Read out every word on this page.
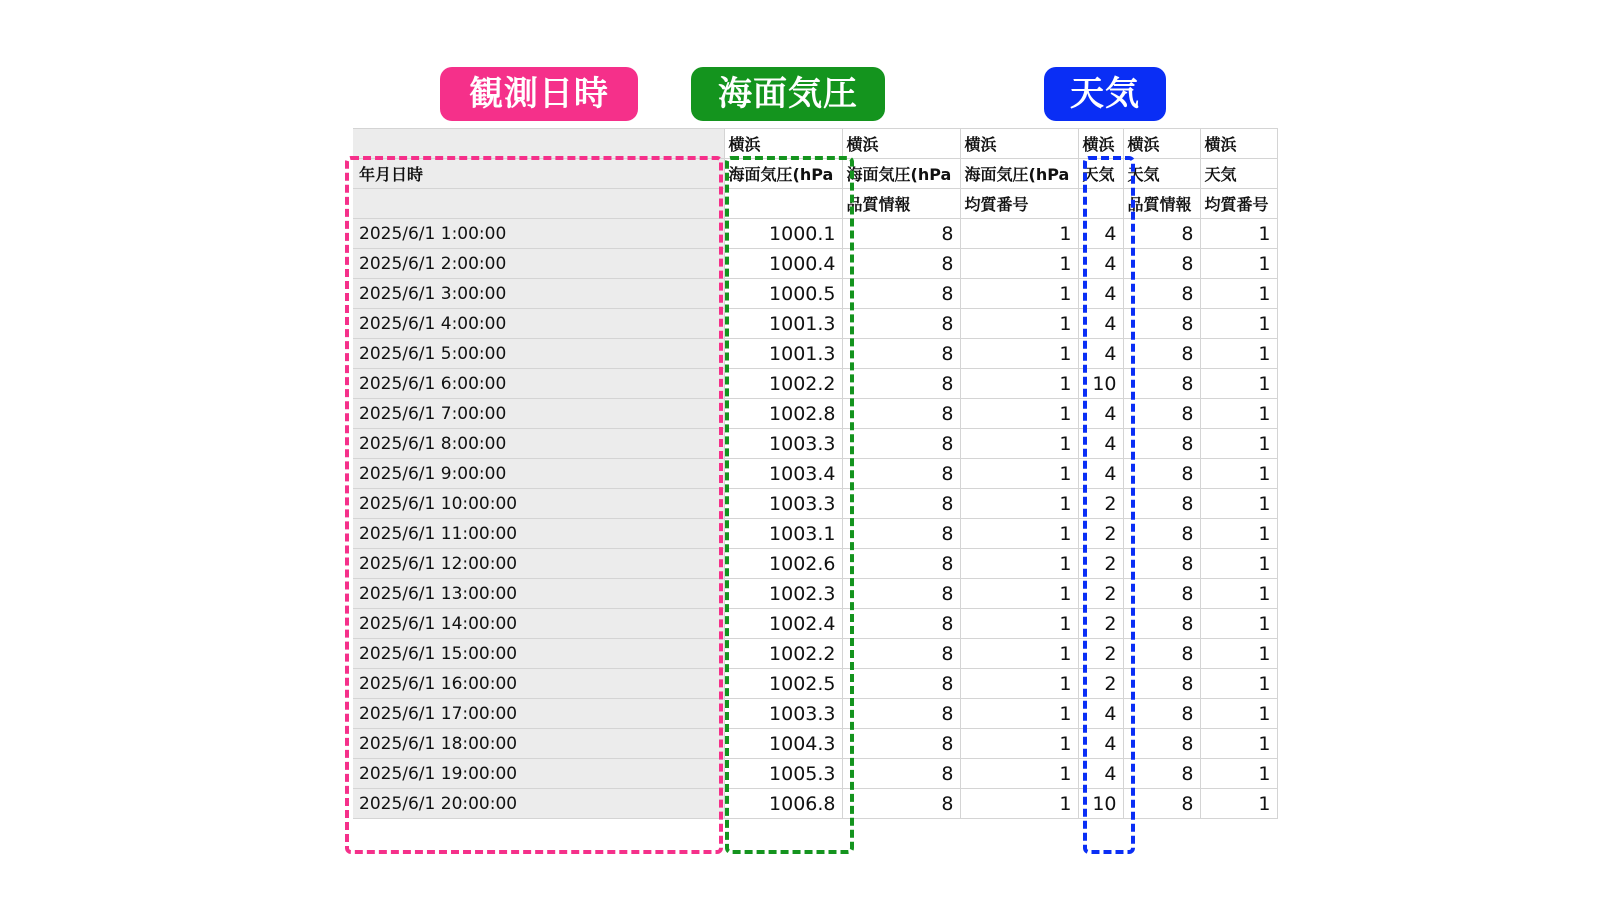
観測日時	海面気圧	天気
	横浜	横浜	横浜	横浜	横浜	横浜
年月日時	海面気圧(hPa	海面気圧(hPa	海面気圧(hPa	天気	天気	天気
		品質情報	均質番号		品質情報	均質番号
2025/6/1 1:00:00	1000.1	8	1	4	8	1
2025/6/1 2:00:00	1000.4	8	1	4	8	1
2025/6/1 3:00:00	1000.5	8	1	4	8	1
2025/6/1 4:00:00	1001.3	8	1	4	8	1
2025/6/1 5:00:00	1001.3	8	1	4	8	1
2025/6/1 6:00:00	1002.2	8	1	10	8	1
2025/6/1 7:00:00	1002.8	8	1	4	8	1
2025/6/1 8:00:00	1003.3	8	1	4	8	1
2025/6/1 9:00:00	1003.4	8	1	4	8	1
2025/6/1 10:00:00	1003.3	8	1	2	8	1
2025/6/1 11:00:00	1003.1	8	1	2	8	1
2025/6/1 12:00:00	1002.6	8	1	2	8	1
2025/6/1 13:00:00	1002.3	8	1	2	8	1
2025/6/1 14:00:00	1002.4	8	1	2	8	1
2025/6/1 15:00:00	1002.2	8	1	2	8	1
2025/6/1 16:00:00	1002.5	8	1	2	8	1
2025/6/1 17:00:00	1003.3	8	1	4	8	1
2025/6/1 18:00:00	1004.3	8	1	4	8	1
2025/6/1 19:00:00	1005.3	8	1	4	8	1
2025/6/1 20:00:00	1006.8	8	1	10	8	1
